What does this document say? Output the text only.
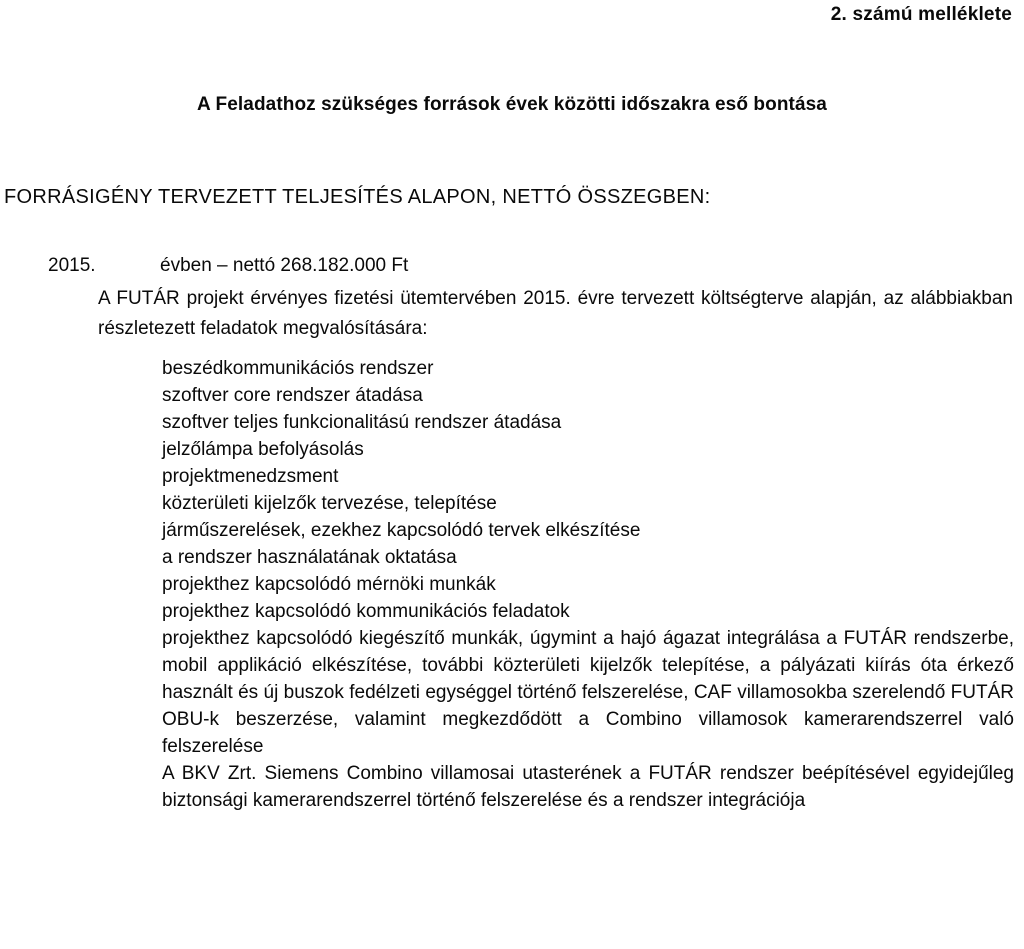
2. számú melléklete
A Feladathoz szükséges források évek közötti időszakra eső bontása
FORRÁSIGÉNY TERVEZETT TELJESÍTÉS ALAPON, NETTÓ ÖSSZEGBEN:
2015.	évben – nettó 268.182.000 Ft
A FUTÁR projekt érvényes fizetési ütemtervében 2015. évre tervezett költségterve alapján, az alábbiakban részletezett feladatok megvalósítására:
beszédkommunikációs rendszer
szoftver core rendszer átadása
szoftver teljes funkcionalitású rendszer átadása
jelzőlámpa befolyásolás
projektmenedzsment
közterületi kijelzők tervezése, telepítése
járműszerelések, ezekhez kapcsolódó tervek elkészítése
a rendszer használatának oktatása
projekthez kapcsolódó mérnöki munkák
projekthez kapcsolódó kommunikációs feladatok
projekthez kapcsolódó kiegészítő munkák, úgymint a hajó ágazat integrálása a FUTÁR rendszerbe, mobil applikáció elkészítése, további közterületi kijelzők telepítése, a pályázati kiírás óta érkező használt és új buszok fedélzeti egységgel történő felszerelése, CAF villamosokba szerelendő FUTÁR OBU-k beszerzése, valamint megkezdődött a Combino villamosok kamerarendszerrel való felszerelése
A BKV Zrt. Siemens Combino villamosai utasterének a FUTÁR rendszer beépítésével egyidejűleg biztonsági kamerarendszerrel történő felszerelése és a rendszer integrációja
